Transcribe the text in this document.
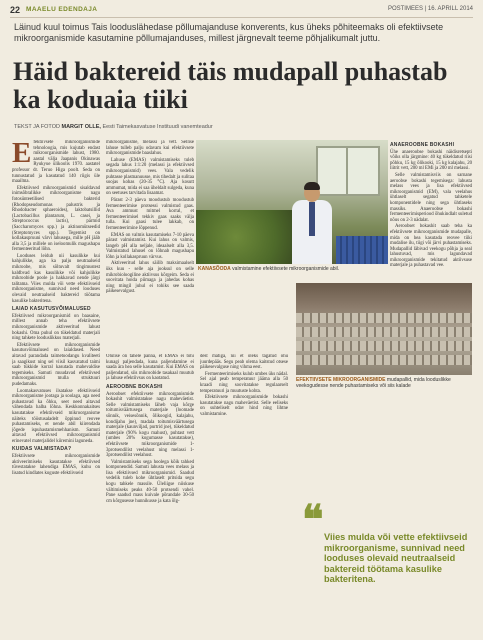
22 MAAELU EDENDAJA	POSTIMEES | 16. APRILL 2014

Läinud kuul toimus Tais looduslähedase põllumajanduse konverents, kus üheks põhiteemaks oli efektiivsete mikroorganismide kasutamine põllumajanduses, millest järgnevalt teeme põhjalikumalt juttu.

Häid baktereid täis mudapall puhastab ka koduaia tiiki
TEKST JA FOTOD MARGIT OLLE, Eesti Taimekasvatuse Instituudi vanemteadur

Efektiivsete mikroorganismide tehnoloogia, mis kujutab endast mikroorganismide lahust, 1980. aastal välja Jaapanis Okinawas Ryukyue ülikoolis 1970. aastatel professor dr. Teruo Higa poolt. Seda on tunnustatud ja kasutatud 140 riigis üle maailma.

Efektiivsed mikroorganismid sisaldavad inimsõbralikke mikroorganisme nagu fotosünteetilised bakterid (Rhodopseudomonas palustris ja Rhodobacter sphaeroides), laktobatsillid (Lactobacillus plantarum, L. casei, ja Streptococcus lactis), pärmid (Saccharomyces spp.) ja aktinomütseedid (Streptomyces spp.). Tegemist on kollakaspruuni värvi lahusega, mille pH jääb alla 3,5 ja millele on iseloomulik magushapu fermenteeritud lõhn.

Looduses leidub nii kasulikke kui kahjulikke, aga ka palju neutraalseid mikroobe, mis sõltuvalt tingimustest kaldbvad kas kasulikke või kahjulikke mikroobide poole ja hakkavad nende järgi talitama. Viies mulda või vette efektiivseid mikroorganisme, sunnivad need looduses olevaid neutraalseid baktereid töötama kasulike bakteritena.

LAIAD KASUTUSVÕIMALUSED

Efektiivsed mikroorganismid on baasaine, millest annab teha efektiivsete mikroorganismide aktiveeritud lahust bokashi. Oma puhul on tükeldatud materjali ning tahkete looduslikkus materjali.

Efektiivsete mikroorganismide kasutusvõimalused on laialdased. Need aitavad parandada taimetoodangu kvaliteeti ja saagikust ning sel viisil kasvatatud taimi saab tükkide korral kasutada mahevaldise tegemiseks. Samuti muudavad efektiivsed mikroorganismid mulla struktuuri pudedamaks.

Loomakasvatuses ilsatakse efektiivseid mikroorganisme jootaga ja soolaga, aga need puhastavad ka õhku, seet need aitavad vähendada halba lõhna. Keskkonnakaitses kasutatakse efektiivseid mikroorganisme näiteks tööstusaladelt õppinud reovee puhastamiseks, et nende abil kiirendada jõgede ispuhastamismehhanism. Samuti aitavad efektiivsed mikroorganismid erinevatel materjalidel kiiremini laguneda.

KUIDAS VALMISTADA?

Efektiivsete mikroorganismide aktiveerimiseks kasutatakse efektiivsed tüvestatakse lahendiga EMAS, kuhu on lisatud kindlates koguste efektiivseid

mikroorganisme, melassi ja vett. Sellise lahuse tulleb palju odavam kui efektiivsete mikroorganismide baaslahus.

Lahuse (EMAS) valmistamiseks tuleb segada lahus 1:1:20 (melassi ja efektiivsed mikroorganismid) vees. Vala vedelik puhtasse plastnanuusse, mis tihedalt ja sulitaa soojas kohas (20-35 °C). Aja kosutt ammumat, mida ei saa üheldalt sulgeda, kuna on seetuses tarvitada lisaamat.

Pärast 2-3 päeva moodustub moodustub fermenteerimise protsessi valmistud gaas. Ava ammust mitmel korral, et fermenteerimisel tekkiv gaas saaks välja tulla. Kui gaasi tulee lakkab, on fermenteerimine lõppenud.

EMAS on valmis kasutamiseks 7-10 päeva pärast valmistamist. Kui lahus on valmis, langeb pH alla neljale, ideaalselt alla 3,5. Valmistatud lahusel on lõhnab magushapu lõhn ja kollakaspruun värvus.

Aktiveeritud lahus säilib maksimaalselt üks kuu - selle aja jooksul on selle mikrobioloogiline aktiivsus kõrgeim. Seda ei soovitata hoida piimaga ja jahedas kohas ning mingil juhul ei tohiks see saada päikesevalgust.

KANASÕODA valmistamine efektiivsete mikroorganismide abil.

Olulise on tähele panna, et EMAS ei tohi kunagi paljendada, kuna paljendamine ei saada ära hea selle kasutamist. Kui EMAS on paljendatud, siis mikroobide tasakaal muutub ja lahuse efektiivsus on kaotatud.

AEROOBNE BOKASHI

Aeroobset efektiivsete mikroorganismide bokashit valmistatakse nagu maheväetist. Selle valmistamiseks läheb vaja kõrge toitumisväärtusega materjale (loomade sõnnik, veisesõnnik, õlikoogid, kalajahu, kondijahu jne), madala toitumisväärtusega materjale (kaunviljad, purtrid jne), tükeldatud materjale (90% kogu mahust), puhtast vett (umbes 20% kogumasse kasutatakse), efektiivsete mikroorganismide 1-3protsendilist veelahust ning melassi 1-3protsendilist veelahust.

Valmistamiseks sega hoolega kõik tahked komponendid. Samuti lahusta vees melass ja lisa efektiivsed mikroorganismid. Saadud vedelik tuleb kohe ühtlaselt pritsida segu kogu tahkele massile. Üleliigse niiskuse vältimiseks peaks 40-50 protsendi vahel. Pane saadud mass kuivale põrandale 30-50 cm kõrgusesse hunnikusse ja kata õlg-

dest matiga, nii et oleks tagatud õhu juurdepääs. Segu peab olema kaitstud otsese päikesevalguse ning vihma eest.

Fermenteerimiseks kulub umbes üks nädal. Sel ajal peab temperatuur jääma alla 50 kraadi ning soovitatakse regulaarselt temperatuuri ja muutuste kohta.

Efektiivsete mikroorganismide bokashi kasutatakse nagu maheväetist. Selle eeliseks on suhteliselt odav hind ning lihtne valmistamine.

EFEKTIIVSETE MIKROORGANISMIDE mudapallid, mida looduslikke veekogudesse nende puhastamiseks või siis kalade
ANAEROOBNE BOKASHI

Ühe anaeroobse bokashi näidisretsepti võiks olla järgmine: 40 kg tükeldatud riisi põhku, 15 kg õlikooki, 15 kg kalajahu, 20 liitrit vett, 200 ml EMi ja 200 ml melassi.

Selle valmistamisviis on sarnane aeroobse bokashi tegemisega: lahusta melass vees ja lisa efektiivsed mikroorganismid (EM), vala veelahus ühtlaselt segatud tahketele komponentidele ning sega ühtlaseks massiks. Anaeroobse bokashi fermenteerimisperiood õhukindlalt suletud nõus on 2-3 nädalat.

Aeroobset bokashit saab teha ka efektiivsete mikroorganismide mudapalle, mida on hea kasutada reovee tiiki mudalise ilu, tiigi või järvi puhastamiseks. Mudapallid läbivad veekogu põhja ja seal lahustuvad, mis lagundavad mikroorganismide tekitatud aktiivsuse materjale ja puhastavad vee.

❝ Viies mulda või vette efektiivseid mikroorganisme, sunnivad need looduses olevaid neutraalseid baktereid töötama kasulike bakteritena.
